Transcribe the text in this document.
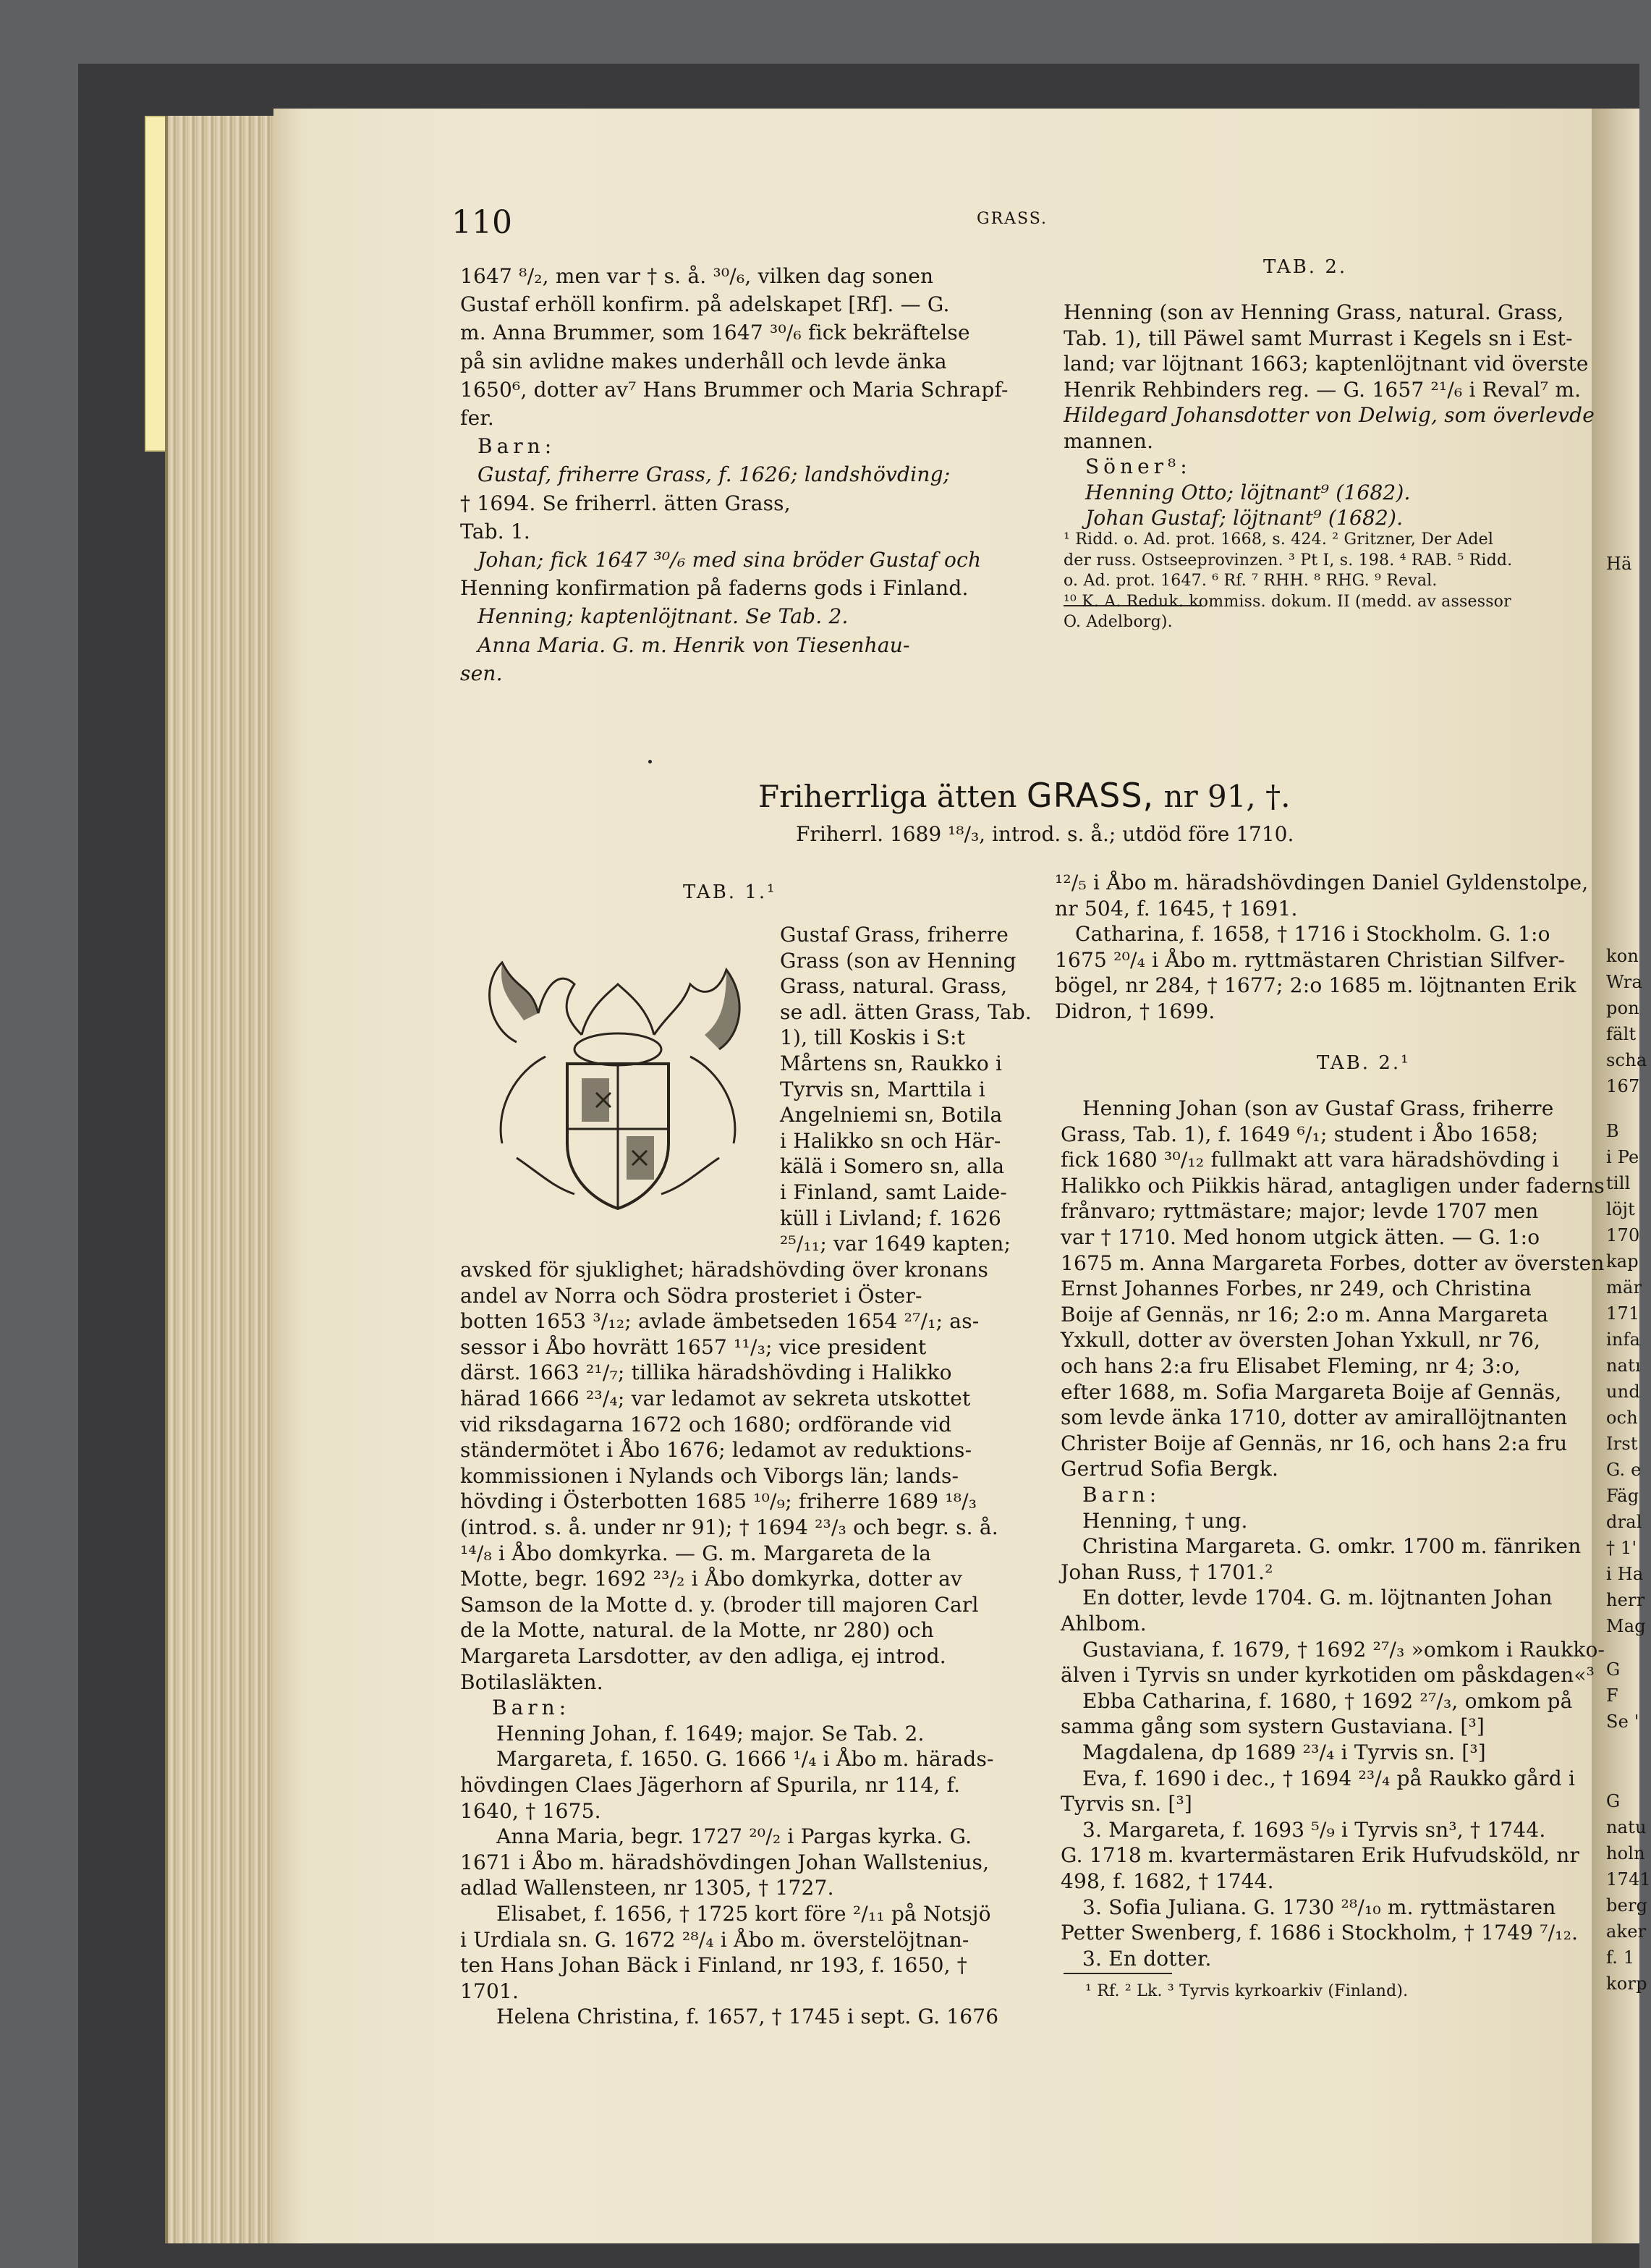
110	GRASS.
Friherrliga ätten GRASS, nr 91, †.
Friherrl. 1689 ¹⁸/₃, introd. s. å.; utdöd före 1710.
1647 ⁸/₂, men var † s. å. ³⁰/₆, vilken dag sonen
Gustaf erhöll konfirm. på adelskapet [Rf]. — G.
m. Anna Brummer, som 1647 ³⁰/₆ fick bekräftelse
på sin avlidne makes underhåll och levde änka
1650⁶, dotter av⁷ Hans Brummer och Maria Schrapf-
fer.
Barn:
Gustaf, friherre Grass, f. 1626; landshövding;
† 1694. Se friherrl. ätten Grass,
Tab. 1.
Johan; fick 1647 ³⁰/₆ med sina bröder Gustaf och
Henning konfirmation på faderns gods i Finland.
Henning; kaptenlöjtnant. Se Tab. 2.
Anna Maria. G. m. Henrik von Tiesenhau-
sen.
TAB. 2.
Henning (son av Henning Grass, natural. Grass,
Tab. 1), till Päwel samt Murrast i Kegels sn i Est-
land; var löjtnant 1663; kaptenlöjtnant vid överste
Henrik Rehbinders reg. — G. 1657 ²¹/₆ i Reval⁷ m.
Hildegard Johansdotter von Delwig, som överlevde
mannen.
Söner⁸:
Henning Otto; löjtnant⁹ (1682).
Johan Gustaf; löjtnant⁹ (1682).
¹ Ridd. o. Ad. prot. 1668, s. 424. ² Gritzner, Der Adel
der russ. Ostseeprovinzen. ³ Pt I, s. 198. ⁴ RAB. ⁵ Ridd.
o. Ad. prot. 1647. ⁶ Rf. ⁷ RHH. ⁸ RHG. ⁹ Reval.
¹⁰ K. A. Reduk. kommiss. dokum. II (medd. av assessor
O. Adelborg).
TAB. 1.¹
Gustaf Grass, friherre
Grass (son av Henning
Grass, natural. Grass,
se adl. ätten Grass, Tab.
1), till Koskis i S:t
Mårtens sn, Raukko i
Tyrvis sn, Marttila i
Angelniemi sn, Botila
i Halikko sn och Här-
kälä i Somero sn, alla
i Finland, samt Laide-
küll i Livland; f. 1626
²⁵/₁₁; var 1649 kapten;
avsked för sjuklighet; häradshövding över kronans
andel av Norra och Södra prosteriet i Öster-
botten 1653 ³/₁₂; avlade ämbetseden 1654 ²⁷/₁; as-
sessor i Åbo hovrätt 1657 ¹¹/₃; vice president
därst. 1663 ²¹/₇; tillika häradshövding i Halikko
härad 1666 ²³/₄; var ledamot av sekreta utskottet
vid riksdagarna 1672 och 1680; ordförande vid
ständermötet i Åbo 1676; ledamot av reduktions-
kommissionen i Nylands och Viborgs län; lands-
hövding i Österbotten 1685 ¹⁰/₉; friherre 1689 ¹⁸/₃
(introd. s. å. under nr 91); † 1694 ²³/₃ och begr. s. å.
¹⁴/₈ i Åbo domkyrka. — G. m. Margareta de la
Motte, begr. 1692 ²³/₂ i Åbo domkyrka, dotter av
Samson de la Motte d. y. (broder till majoren Carl
de la Motte, natural. de la Motte, nr 280) och
Margareta Larsdotter, av den adliga, ej introd.
Botilasläkten.
Barn:
Henning Johan, f. 1649; major. Se Tab. 2.
Margareta, f. 1650. G. 1666 ¹/₄ i Åbo m. härads-
hövdingen Claes Jägerhorn af Spurila, nr 114, f.
1640, † 1675.
Anna Maria, begr. 1727 ²⁰/₂ i Pargas kyrka. G.
1671 i Åbo m. häradshövdingen Johan Wallstenius,
adlad Wallensteen, nr 1305, † 1727.
Elisabet, f. 1656, † 1725 kort före ²/₁₁ på Notsjö
i Urdiala sn. G. 1672 ²⁸/₄ i Åbo m. överstelöjtnan-
ten Hans Johan Bäck i Finland, nr 193, f. 1650, †
1701.
Helena Christina, f. 1657, † 1745 i sept. G. 1676
¹²/₅ i Åbo m. häradshövdingen Daniel Gyldenstolpe,
nr 504, f. 1645, † 1691.
Catharina, f. 1658, † 1716 i Stockholm. G. 1:o
1675 ²⁰/₄ i Åbo m. ryttmästaren Christian Silfver-
bögel, nr 284, † 1677; 2:o 1685 m. löjtnanten Erik
Didron, † 1699.
TAB. 2.¹
Henning Johan (son av Gustaf Grass, friherre
Grass, Tab. 1), f. 1649 ⁶/₁; student i Åbo 1658;
fick 1680 ³⁰/₁₂ fullmakt att vara häradshövding i
Halikko och Piikkis härad, antagligen under faderns
frånvaro; ryttmästare; major; levde 1707 men
var † 1710. Med honom utgick ätten. — G. 1:o
1675 m. Anna Margareta Forbes, dotter av översten
Ernst Johannes Forbes, nr 249, och Christina
Boije af Gennäs, nr 16; 2:o m. Anna Margareta
Yxkull, dotter av översten Johan Yxkull, nr 76,
och hans 2:a fru Elisabet Fleming, nr 4; 3:o,
efter 1688, m. Sofia Margareta Boije af Gennäs,
som levde änka 1710, dotter av amirallöjtnanten
Christer Boije af Gennäs, nr 16, och hans 2:a fru
Gertrud Sofia Bergk.
Barn:
Henning, † ung.
Christina Margareta. G. omkr. 1700 m. fänriken
Johan Russ, † 1701.²
En dotter, levde 1704. G. m. löjtnanten Johan
Ahlbom.
Gustaviana, f. 1679, † 1692 ²⁷/₃ »omkom i Raukko-
älven i Tyrvis sn under kyrkotiden om påskdagen«³
Ebba Catharina, f. 1680, † 1692 ²⁷/₃, omkom på
samma gång som systern Gustaviana. [³]
Magdalena, dp 1689 ²³/₄ i Tyrvis sn. [³]
Eva, f. 1690 i dec., † 1694 ²³/₄ på Raukko gård i
Tyrvis sn. [³]
3. Margareta, f. 1693 ⁵/₉ i Tyrvis sn³, † 1744.
G. 1718 m. kvartermästaren Erik Hufvudsköld, nr
498, f. 1682, † 1744.
3. Sofia Juliana. G. 1730 ²⁸/₁₀ m. ryttmästaren
Petter Swenberg, f. 1686 i Stockholm, † 1749 ⁷/₁₂.
3. En dotter.
¹ Rf. ² Lk. ³ Tyrvis kyrkoarkiv (Finland).
Hä
kon
Wra
pon
fält
scha
167
B
i Pe
till
löjt
170
kap
mär
171
infa
natı
und
och
Irst
G. e
Fäg
dral
† 1'
i Ha
herr
Mag
G
F
Se '
G
natu
holn
1741
berg
aker
f. 1
korp
